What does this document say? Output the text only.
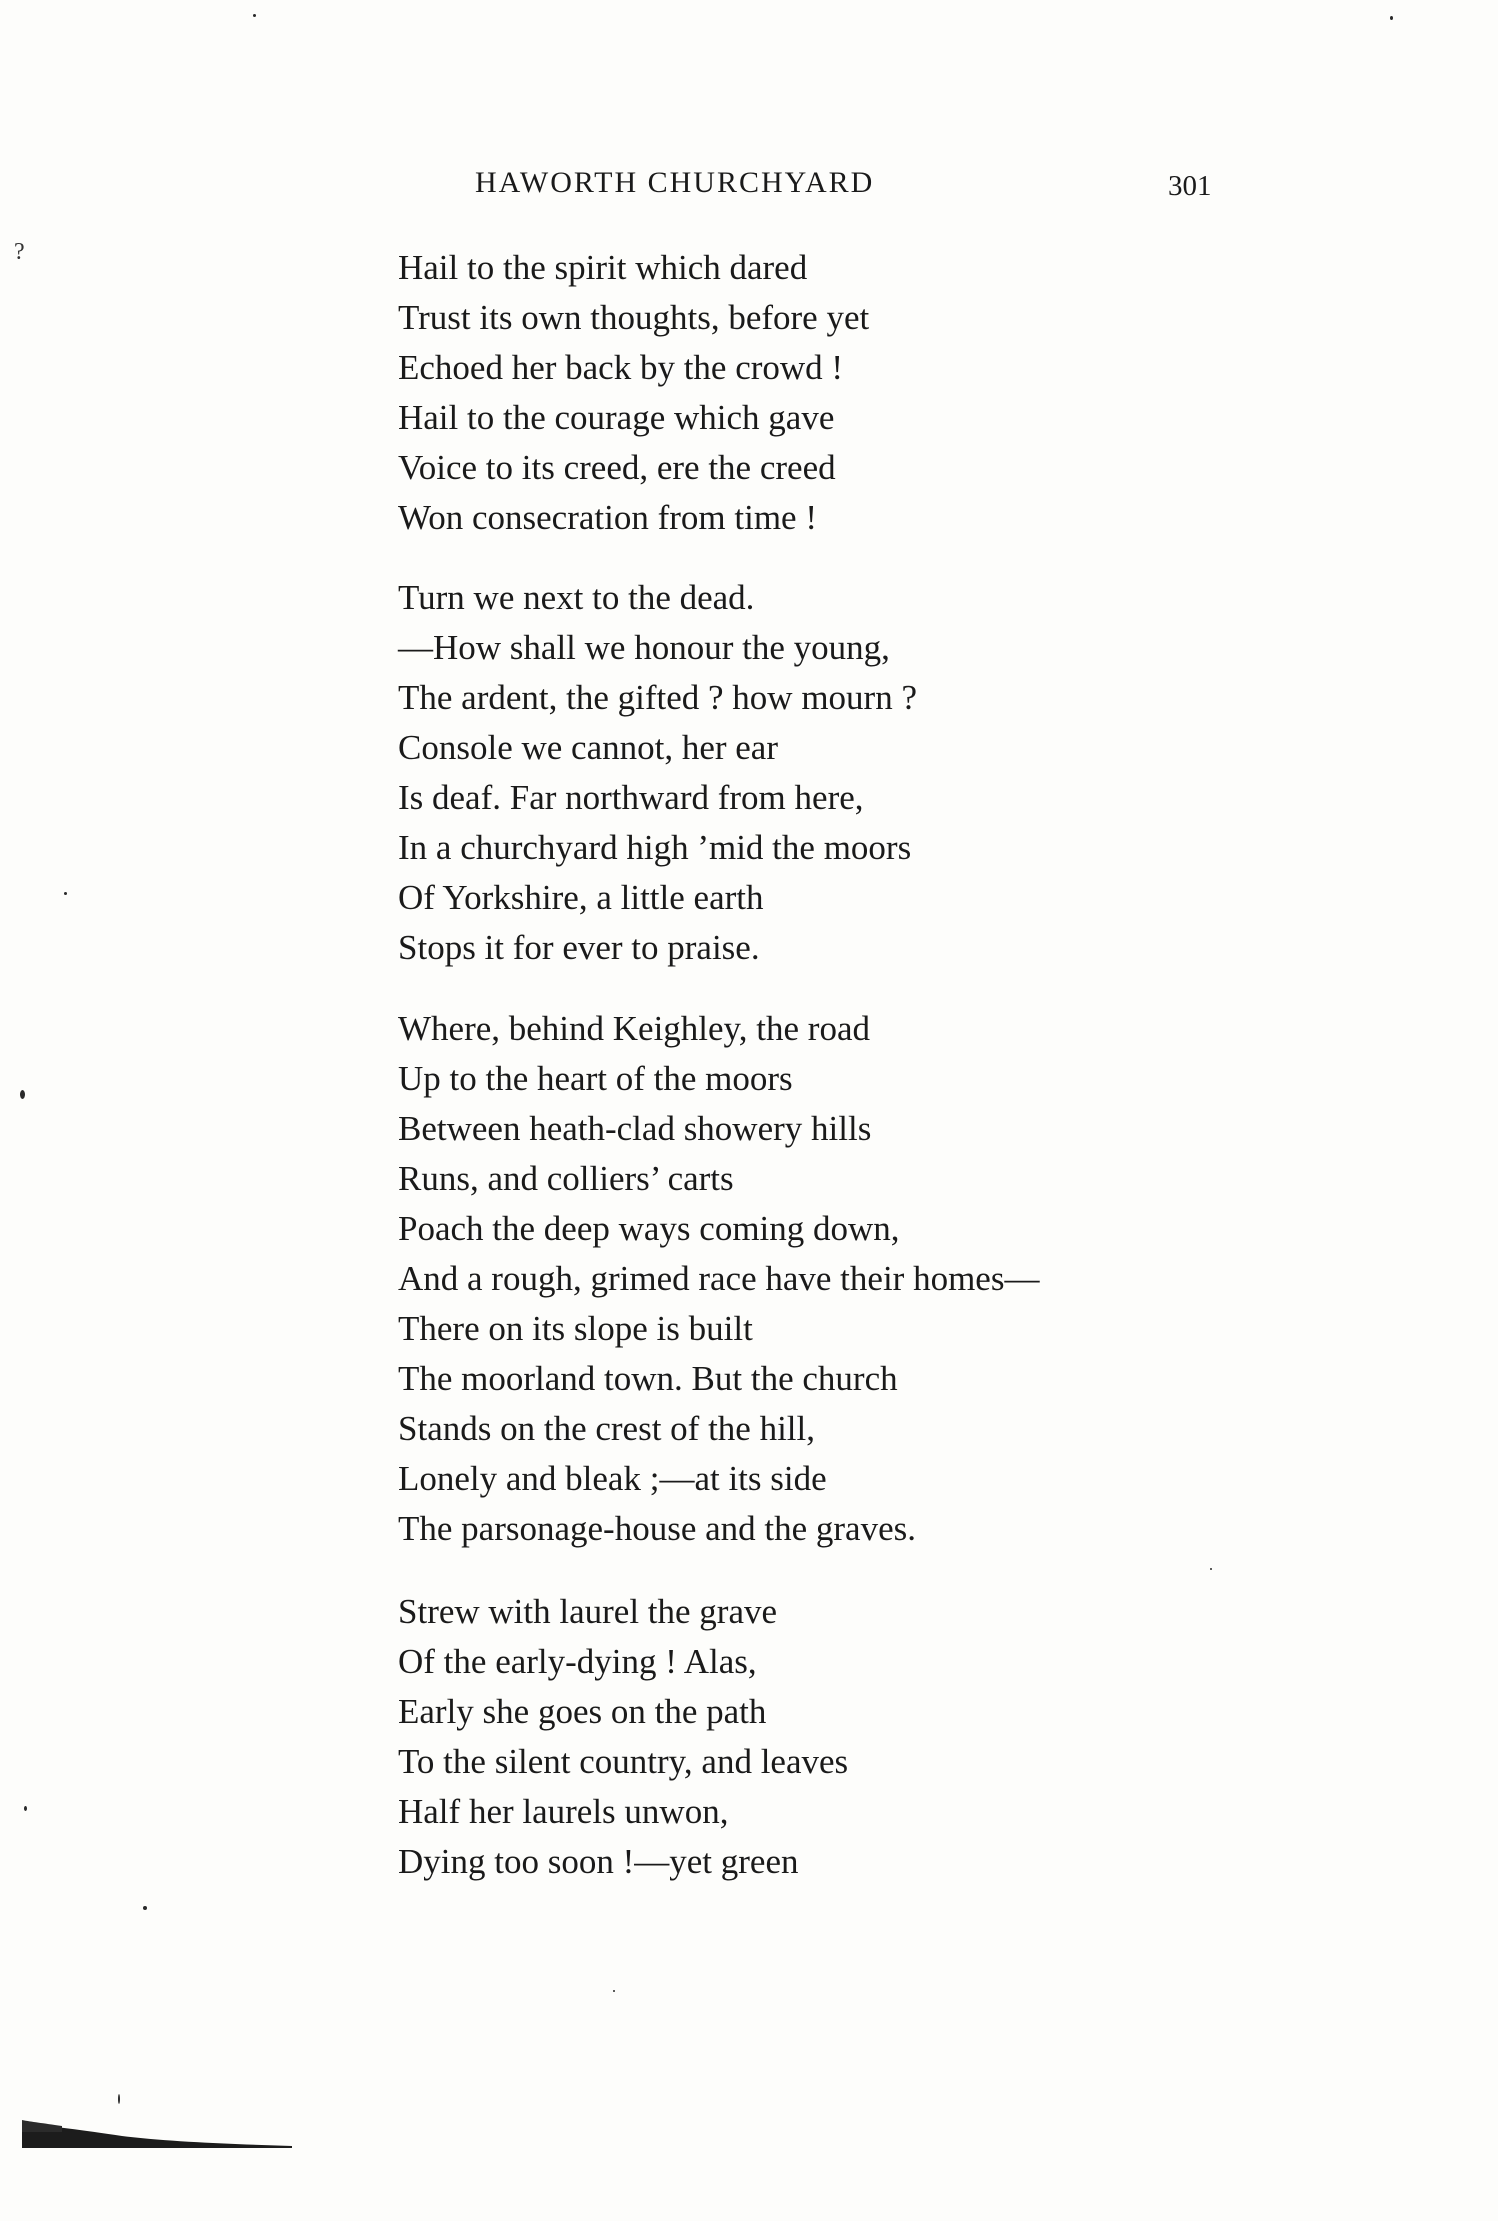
HAWORTH CHURCHYARD	301
?	Hail to the spirit which dared
Trust its own thoughts, before yet
Echoed her back by the crowd !
Hail to the courage which gave
Voice to its creed, ere the creed
Won consecration from time !
Turn we next to the dead.
—How shall we honour the young,
The ardent, the gifted ? how mourn ?
Console we cannot, her ear
Is deaf. Far northward from here,
In a churchyard high ’mid the moors
Of Yorkshire, a little earth
Stops it for ever to praise.
Where, behind Keighley, the road
Up to the heart of the moors
Between heath-clad showery hills
Runs, and colliers’ carts
Poach the deep ways coming down,
And a rough, grimed race have their homes—
There on its slope is built
The moorland town. But the church
Stands on the crest of the hill,
Lonely and bleak ;—at its side
The parsonage-house and the graves.
Strew with laurel the grave
Of the early-dying ! Alas,
Early she goes on the path
To the silent country, and leaves
Half her laurels unwon,
Dying too soon !—yet green
